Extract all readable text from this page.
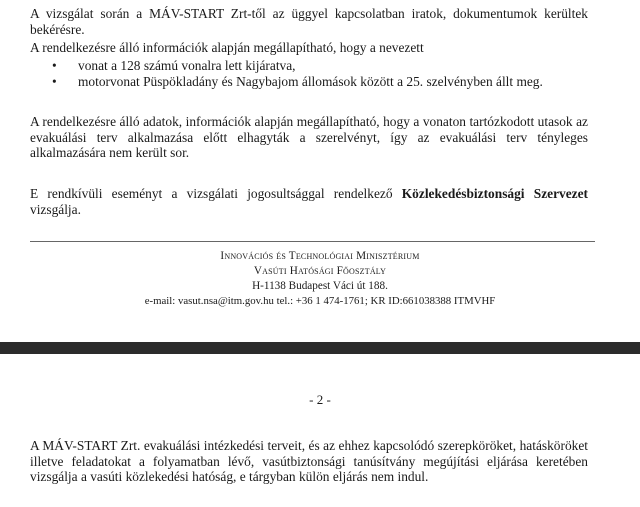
A vizsgálat során a MÁV-START Zrt-től az üggyel kapcsolatban iratok, dokumentumok kerültek bekérésre.

A rendelkezésre álló információk alapján megállapítható, hogy a nevezett

• vonat a 128 számú vonalra lett kijáratva,
• motorvonat Püspökladány és Nagybajom állomások között a 25. szelvényben állt meg.

A rendelkezésre álló adatok, információk alapján megállapítható, hogy a vonaton tartózkodott utasok az evakuálási terv alkalmazása előtt elhagyták a szerelvényt, így az evakuálási terv tényleges alkalmazására nem került sor.

E rendkívüli eseményt a vizsgálati jogosultsággal rendelkező Közlekedésbiztonsági Szervezet vizsgálja.

Innovációs és Technológiai Minisztérium
Vasúti Hatósági Főosztály
H-1138 Budapest Váci út 188.
e-mail: vasut.nsa@itm.gov.hu tel.: +36 1 474-1761; KR ID:661038388 ITMVHF
- 2 -

A MÁV-START Zrt. evakuálási intézkedési terveit, és az ehhez kapcsolódó szerepköröket, hatásköröket illetve feladatokat a folyamatban lévő, vasútbiztonsági tanúsítvány megújítási eljárása keretében vizsgálja a vasúti közlekedési hatóság, e tárgyban külön eljárás nem indul.
